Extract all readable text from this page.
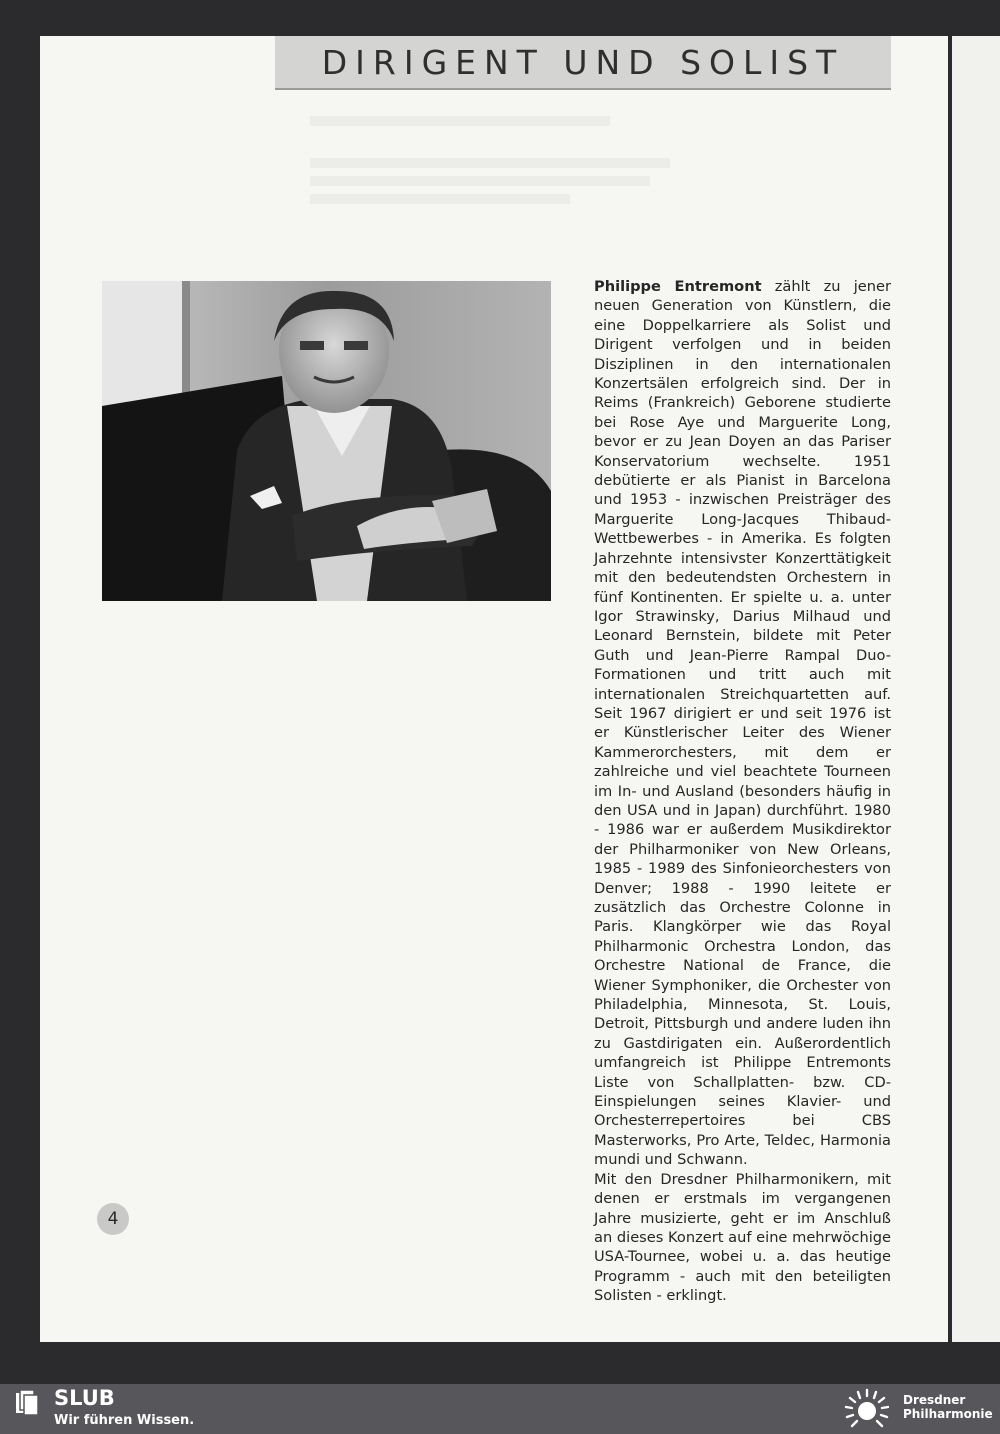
DIRIGENT UND SOLIST

Philippe Entremont zählt zu jener neuen Generation von Künstlern, die eine Doppelkarriere als Solist und Dirigent verfolgen und in beiden Disziplinen in den internationalen Konzertsälen erfolgreich sind. Der in Reims (Frankreich) Geborene studierte bei Rose Aye und Marguerite Long, bevor er zu Jean Doyen an das Pariser Konservatorium wechselte. 1951 debütierte er als Pianist in Barcelona und 1953 - inzwischen Preisträger des Marguerite Long-Jacques Thibaud-Wettbewerbes - in Amerika. Es folgten Jahrzehnte intensivster Konzerttätigkeit mit den bedeutendsten Orchestern in fünf Kontinenten. Er spielte u. a. unter Igor Strawinsky, Darius Milhaud und Leonard Bernstein, bildete mit Peter Guth und Jean-Pierre Rampal Duo-Formationen und tritt auch mit internationalen Streichquartetten auf. Seit 1967 dirigiert er und seit 1976 ist er Künstlerischer Leiter des Wiener Kammerorchesters, mit dem er zahlreiche und viel beachtete Tourneen im In- und Ausland (besonders häufig in den USA und in Japan) durchführt. 1980 - 1986 war er außerdem Musikdirektor der Philharmoniker von New Orleans, 1985 - 1989 des Sinfonieorchesters von Denver; 1988 - 1990 leitete er zusätzlich das Orchestre Colonne in Paris. Klangkörper wie das Royal Philharmonic Orchestra London, das Orchestre National de France, die Wiener Symphoniker, die Orchester von Philadelphia, Minnesota, St. Louis, Detroit, Pittsburgh und andere luden ihn zu Gastdirigaten ein. Außerordentlich umfangreich ist Philippe Entremonts Liste von Schallplatten- bzw. CD-Einspielungen seines Klavier- und Orchesterrepertoires bei CBS Masterworks, Pro Arte, Teldec, Harmonia mundi und Schwann.

Mit den Dresdner Philharmonikern, mit denen er erstmals im vergangenen Jahre musizierte, geht er im Anschluß an dieses Konzert auf eine mehrwöchige USA-Tournee, wobei u. a. das heutige Programm - auch mit den beteiligten Solisten - erklingt.

4
SLUB
Wir führen Wissen.
Dresdner
Philharmonie
